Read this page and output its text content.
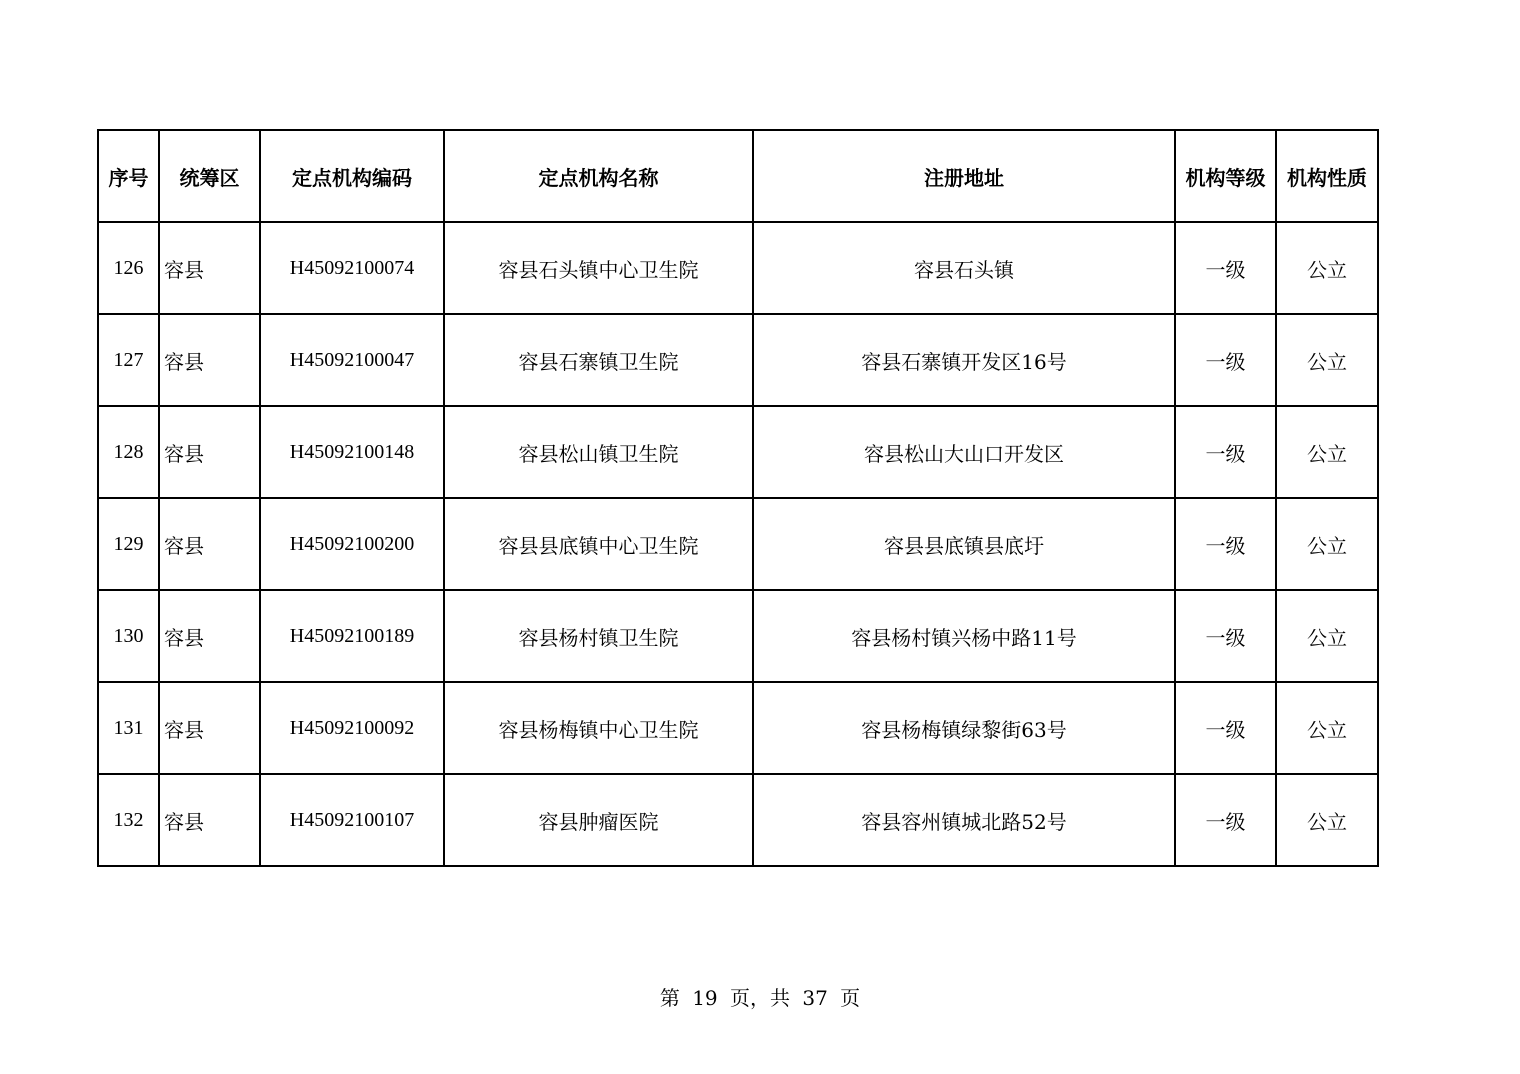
序号	统筹区	定点机构编码	定点机构名称	注册地址	机构等级	机构性质
126	容县	H45092100074	容县石头镇中心卫生院	容县石头镇	一级	公立
127	容县	H45092100047	容县石寨镇卫生院	容县石寨镇开发区16号	一级	公立
128	容县	H45092100148	容县松山镇卫生院	容县松山大山口开发区	一级	公立
129	容县	H45092100200	容县县底镇中心卫生院	容县县底镇县底圩	一级	公立
130	容县	H45092100189	容县杨村镇卫生院	容县杨村镇兴杨中路11号	一级	公立
131	容县	H45092100092	容县杨梅镇中心卫生院	容县杨梅镇绿黎街63号	一级	公立
132	容县	H45092100107	容县肿瘤医院	容县容州镇城北路52号	一级	公立
第 19 页，共 37 页
